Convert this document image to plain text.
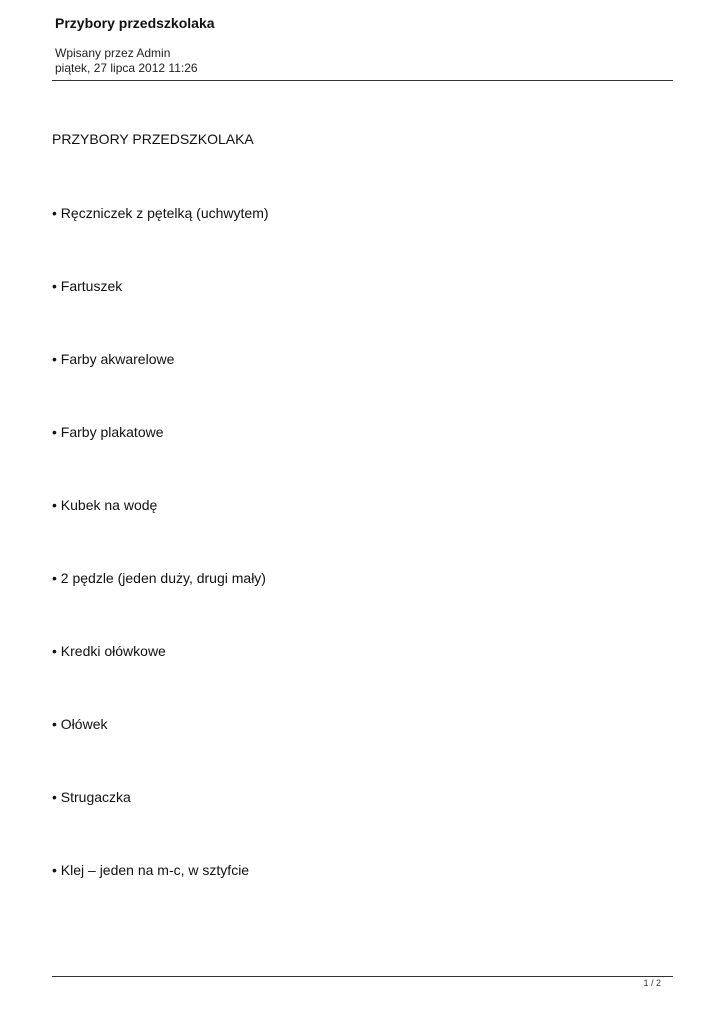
Przybory przedszkolaka
Wpisany przez Admin
piątek, 27 lipca 2012 11:26
PRZYBORY PRZEDSZKOLAKA
• Ręczniczek z pętelką (uchwytem)
• Fartuszek
• Farby akwarelowe
• Farby plakatowe
• Kubek na wodę
• 2 pędzle (jeden duży, drugi mały)
• Kredki ołówkowe
• Ołówek
• Strugaczka
• Klej – jeden na m-c, w sztyfcie
1 / 2
